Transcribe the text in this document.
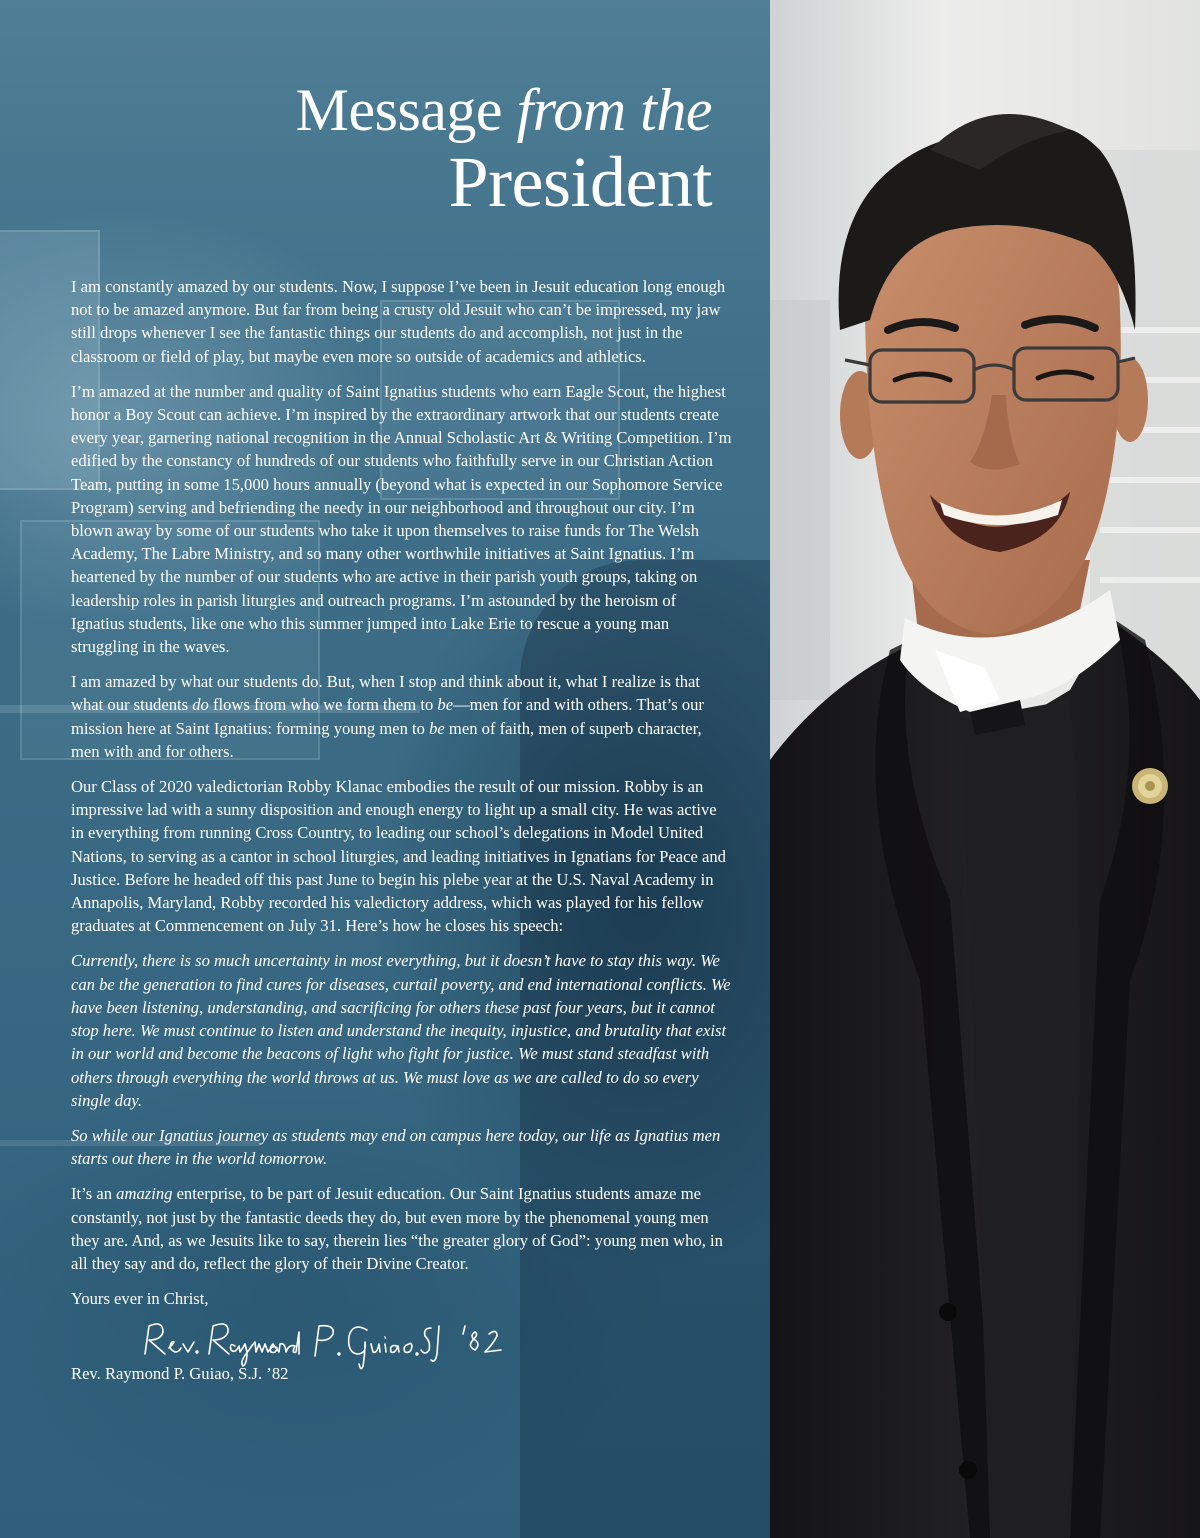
Message from the
President

I am constantly amazed by our students. Now, I suppose I’ve been in Jesuit education long enough not to be amazed anymore. But far from being a crusty old Jesuit who can’t be impressed, my jaw still drops whenever I see the fantastic things our students do and accomplish, not just in the classroom or field of play, but maybe even more so outside of academics and athletics.

I’m amazed at the number and quality of Saint Ignatius students who earn Eagle Scout, the highest honor a Boy Scout can achieve. I’m inspired by the extraordinary artwork that our students create every year, garnering national recognition in the Annual Scholastic Art & Writing Competition. I’m edified by the constancy of hundreds of our students who faithfully serve in our Christian Action Team, putting in some 15,000 hours annually (beyond what is expected in our Sophomore Service Program) serving and befriending the needy in our neighborhood and throughout our city. I’m blown away by some of our students who take it upon themselves to raise funds for The Welsh Academy, The Labre Ministry, and so many other worthwhile initiatives at Saint Ignatius. I’m heartened by the number of our students who are active in their parish youth groups, taking on leadership roles in parish liturgies and outreach programs. I’m astounded by the heroism of Ignatius students, like one who this summer jumped into Lake Erie to rescue a young man struggling in the waves.

I am amazed by what our students do. But, when I stop and think about it, what I realize is that what our students do flows from who we form them to be—men for and with others. That’s our mission here at Saint Ignatius: forming young men to be men of faith, men of superb character, men with and for others.

Our Class of 2020 valedictorian Robby Klanac embodies the result of our mission. Robby is an impressive lad with a sunny disposition and enough energy to light up a small city. He was active in everything from running Cross Country, to leading our school’s delegations in Model United Nations, to serving as a cantor in school liturgies, and leading initiatives in Ignatians for Peace and Justice. Before he headed off this past June to begin his plebe year at the U.S. Naval Academy in Annapolis, Maryland, Robby recorded his valedictory address, which was played for his fellow graduates at Commencement on July 31. Here’s how he closes his speech:

Currently, there is so much uncertainty in most everything, but it doesn’t have to stay this way. We can be the generation to find cures for diseases, curtail poverty, and end international conflicts. We have been listening, understanding, and sacrificing for others these past four years, but it cannot stop here. We must continue to listen and understand the inequity, injustice, and brutality that exist in our world and become the beacons of light who fight for justice. We must stand steadfast with others through everything the world throws at us. We must love as we are called to do so every single day.

So while our Ignatius journey as students may end on campus here today, our life as Ignatius men starts out there in the world tomorrow.

It’s an amazing enterprise, to be part of Jesuit education. Our Saint Ignatius students amaze me constantly, not just by the fantastic deeds they do, but even more by the phenomenal young men they are. And, as we Jesuits like to say, therein lies “the greater glory of God”: young men who, in all they say and do, reflect the glory of their Divine Creator.

Yours ever in Christ,

Rev. Raymond P. Guiao, S.J. ’82
